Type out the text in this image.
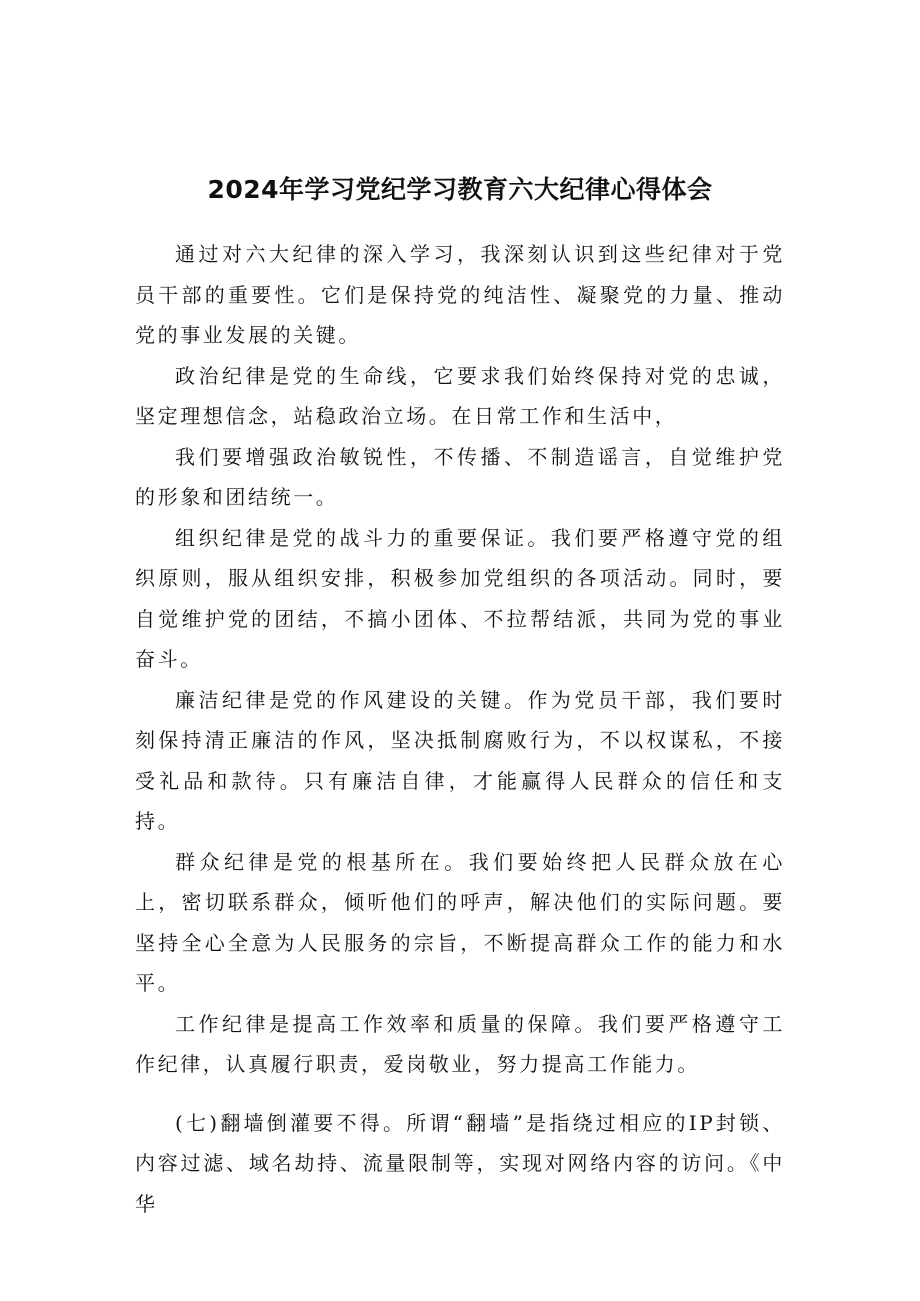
2024年学习党纪学习教育六大纪律心得体会

通过对六大纪律的深入学习，我深刻认识到这些纪律对于党员干部的重要性。它们是保持党的纯洁性、凝聚党的力量、推动党的事业发展的关键。

政治纪律是党的生命线，它要求我们始终保持对党的忠诚，坚定理想信念，站稳政治立场。在日常工作和生活中，

我们要增强政治敏锐性，不传播、不制造谣言，自觉维护党的形象和团结统一。

组织纪律是党的战斗力的重要保证。我们要严格遵守党的组织原则，服从组织安排，积极参加党组织的各项活动。同时，要自觉维护党的团结，不搞小团体、不拉帮结派，共同为党的事业奋斗。

廉洁纪律是党的作风建设的关键。作为党员干部，我们要时刻保持清正廉洁的作风，坚决抵制腐败行为，不以权谋私，不接受礼品和款待。只有廉洁自律，才能赢得人民群众的信任和支持。

群众纪律是党的根基所在。我们要始终把人民群众放在心上，密切联系群众，倾听他们的呼声，解决他们的实际问题。要坚持全心全意为人民服务的宗旨，不断提高群众工作的能力和水平。

工作纪律是提高工作效率和质量的保障。我们要严格遵守工作纪律，认真履行职责，爱岗敬业，努力提高工作能力。

(七)翻墙倒灌要不得。所谓“翻墙”是指绕过相应的IP封锁、内容过滤、域名劫持、流量限制等，实现对网络内容的访问。《中华
